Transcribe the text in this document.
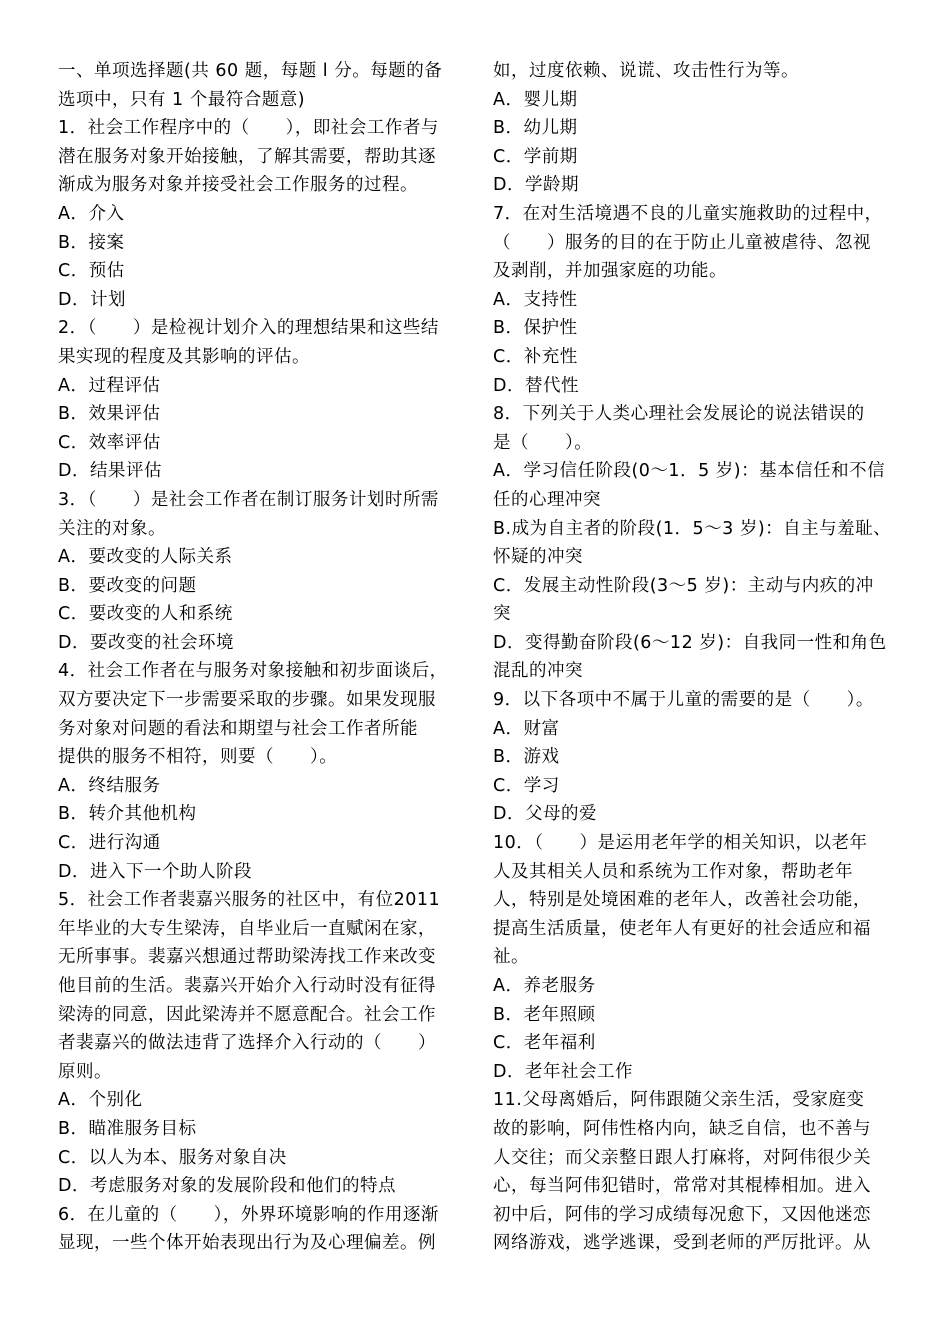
一、单项选择题(共 60 题，每题 l 分。每题的备
选项中，只有 1 个最符合题意)
1．社会工作程序中的（　　），即社会工作者与
潜在服务对象开始接触，了解其需要，帮助其逐
渐成为服务对象并接受社会工作服务的过程。
A．介入
B．接案
C．预估
D．计划
2．（　　）是检视计划介入的理想结果和这些结
果实现的程度及其影响的评估。
A．过程评估
B．效果评估
C．效率评估
D．结果评估
3．（　　）是社会工作者在制订服务计划时所需
关注的对象。
A．要改变的人际关系
B．要改变的问题
C．要改变的人和系统
D．要改变的社会环境
4．社会工作者在与服务对象接触和初步面谈后，
双方要决定下一步需要采取的步骤。如果发现服
务对象对问题的看法和期望与社会工作者所能
提供的服务不相符，则要（　　）。
A．终结服务
B．转介其他机构
C．进行沟通
D．进入下一个助人阶段
5．社会工作者裴嘉兴服务的社区中，有位2011
年毕业的大专生梁涛，自毕业后一直赋闲在家，
无所事事。裴嘉兴想通过帮助梁涛找工作来改变
他目前的生活。裴嘉兴开始介入行动时没有征得
梁涛的同意，因此梁涛并不愿意配合。社会工作
者裴嘉兴的做法违背了选择介入行动的（　　）
原则。
A．个别化
B．瞄准服务目标
C．以人为本、服务对象自决
D．考虑服务对象的发展阶段和他们的特点
6．在儿童的（　　），外界环境影响的作用逐渐
显现，一些个体开始表现出行为及心理偏差。例
如，过度依赖、说谎、攻击性行为等。
A．婴儿期
B．幼儿期
C．学前期
D．学龄期
7．在对生活境遇不良的儿童实施救助的过程中，
（　　）服务的目的在于防止儿童被虐待、忽视
及剥削，并加强家庭的功能。
A．支持性
B．保护性
C．补充性
D．替代性
8．下列关于人类心理社会发展论的说法错误的
是（　　）。
A．学习信任阶段(0～1．5 岁)：基本信任和不信
任的心理冲突
B.成为自主者的阶段(1．5～3 岁)：自主与羞耻、
怀疑的冲突
C．发展主动性阶段(3～5 岁)：主动与内疚的冲
突
D．变得勤奋阶段(6～12 岁)：自我同一性和角色
混乱的冲突
9．以下各项中不属于儿童的需要的是（　　）。
A．财富
B．游戏
C．学习
D．父母的爱
10．（　　）是运用老年学的相关知识，以老年
人及其相关人员和系统为工作对象，帮助老年
人，特别是处境困难的老年人，改善社会功能，
提高生活质量，使老年人有更好的社会适应和福
祉。
A．养老服务
B．老年照顾
C．老年福利
D．老年社会工作
11.父母离婚后，阿伟跟随父亲生活，受家庭变
故的影响，阿伟性格内向，缺乏自信，也不善与
人交往；而父亲整日跟人打麻将，对阿伟很少关
心，每当阿伟犯错时，常常对其棍棒相加。进入
初中后，阿伟的学习成绩每况愈下，又因他迷恋
网络游戏，逃学逃课，受到老师的严厉批评。从
